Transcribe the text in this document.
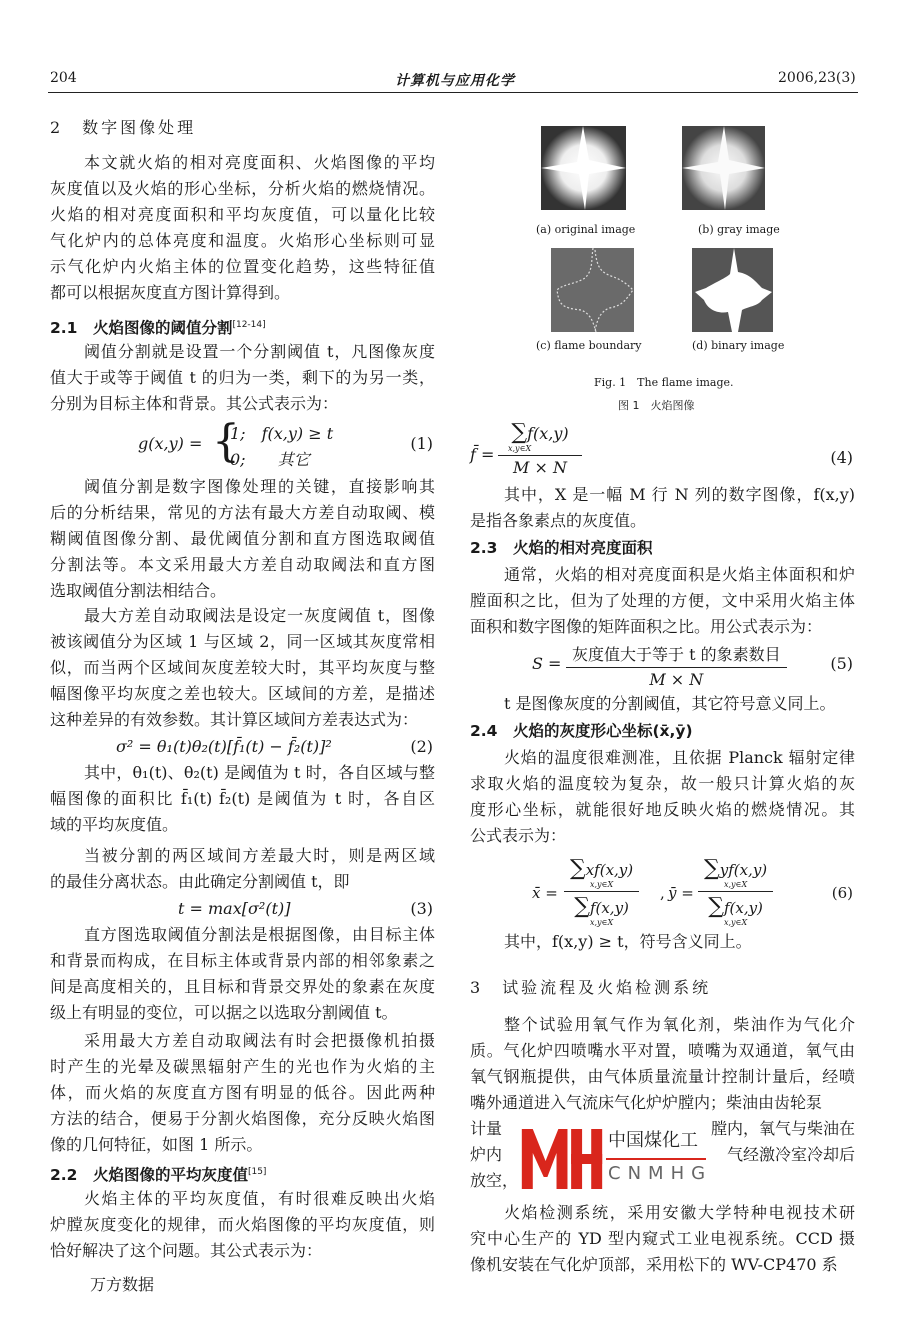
204	计算机与应用化学	2006,23(3)
2　数字图像处理
本文就火焰的相对亮度面积、火焰图像的平均
灰度值以及火焰的形心坐标，分析火焰的燃烧情况。
火焰的相对亮度面积和平均灰度值，可以量化比较
气化炉内的总体亮度和温度。火焰形心坐标则可显
示气化炉内火焰主体的位置变化趋势，这些特征值
都可以根据灰度直方图计算得到。
2.1　火焰图像的阈值分割[12-14]
阈值分割就是设置一个分割阈值 t，凡图像灰度
值大于或等于阈值 t 的归为一类，剩下的为另一类，
分别为目标主体和背景。其公式表示为：
g(x,y) = {
1;　f(x,y) ≥ t
0;　　其它
(1)
阈值分割是数字图像处理的关键，直接影响其
后的分析结果，常见的方法有最大方差自动取阈、模
糊阈值图像分割、最优阈值分割和直方图选取阈值
分割法等。本文采用最大方差自动取阈法和直方图
选取阈值分割法相结合。
最大方差自动取阈法是设定一灰度阈值 t，图像
被该阈值分为区域 1 与区域 2，同一区域其灰度常相
似，而当两个区域间灰度差较大时，其平均灰度与整
幅图像平均灰度之差也较大。区域间的方差，是描述
这种差异的有效参数。其计算区域间方差表达式为：
σ² = θ₁(t)θ₂(t)[f̄₁(t) − f̄₂(t)]²	(2)
其中，θ₁(t)、θ₂(t) 是阈值为 t 时，各自区域与整
幅图像的面积比 f̄₁(t) f̄₂(t) 是阈值为 t 时，各自区
域的平均灰度值。
当被分割的两区域间方差最大时，则是两区域
的最佳分离状态。由此确定分割阈值 t，即
t = max[σ²(t)]	(3)
直方图选取阈值分割法是根据图像，由目标主体
和背景而构成，在目标主体或背景内部的相邻象素之
间是高度相关的，且目标和背景交界处的象素在灰度
级上有明显的变位，可以据之以选取分割阈值 t。
采用最大方差自动取阈法有时会把摄像机拍摄
时产生的光晕及碳黑辐射产生的光也作为火焰的主
体，而火焰的灰度直方图有明显的低谷。因此两种
方法的结合，便易于分割火焰图像，充分反映火焰图
像的几何特征，如图 1 所示。
2.2　火焰图像的平均灰度值[15]
火焰主体的平均灰度值，有时很难反映出火焰
炉膛灰度变化的规律，而火焰图像的平均灰度值，则
恰好解决了这个问题。其公式表示为：
万方数据
(a) original image	(b) gray image
(c) flame boundary	(d) binary image
Fig. 1　The flame image.
图 1　火焰图像
f̄ = ∑f(x,y)
x,y∈X
M × N	(4)
其中，X 是一幅 M 行 N 列的数字图像，f(x,y)
是指各象素点的灰度值。
2.3　火焰的相对亮度面积
通常，火焰的相对亮度面积是火焰主体面积和炉
膛面积之比，但为了处理的方便，文中采用火焰主体
面积和数字图像的矩阵面积之比。用公式表示为：
S = 灰度值大于等于 t 的象素数目
M × N
(5)
t 是图像灰度的分割阈值，其它符号意义同上。
2.4　火焰的灰度形心坐标(x̄,ȳ)
火焰的温度很难测准，且依据 Planck 辐射定律
求取火焰的温度较为复杂，故一般只计算火焰的灰
度形心坐标，就能很好地反映火焰的燃烧情况。其
公式表示为：
x̄ = ∑xf(x,y)
x,y∈X
∑f(x,y)
x,y∈X , ȳ = ∑yf(x,y)
x,y∈X
∑f(x,y)
x,y∈X	(6)
其中，f(x,y) ≥ t，符号含义同上。
3　试验流程及火焰检测系统
整个试验用氧气作为氧化剂，柴油作为气化介
质。气化炉四喷嘴水平对置，喷嘴为双通道，氧气由
氧气钢瓶提供，由气体质量流量计控制计量后，经喷
嘴外通道进入气流床气化炉炉膛内；柴油由齿轮泵
计量	膛内，氧气与柴油在
炉内	气经激冷室冷却后
放空，
火焰检测系统，采用安徽大学特种电视技术研
究中心生产的 YD 型内窥式工业电视系统。CCD 摄
像机安装在气化炉顶部，采用松下的 WV-CP470 系
中国煤化工
CNMHG
